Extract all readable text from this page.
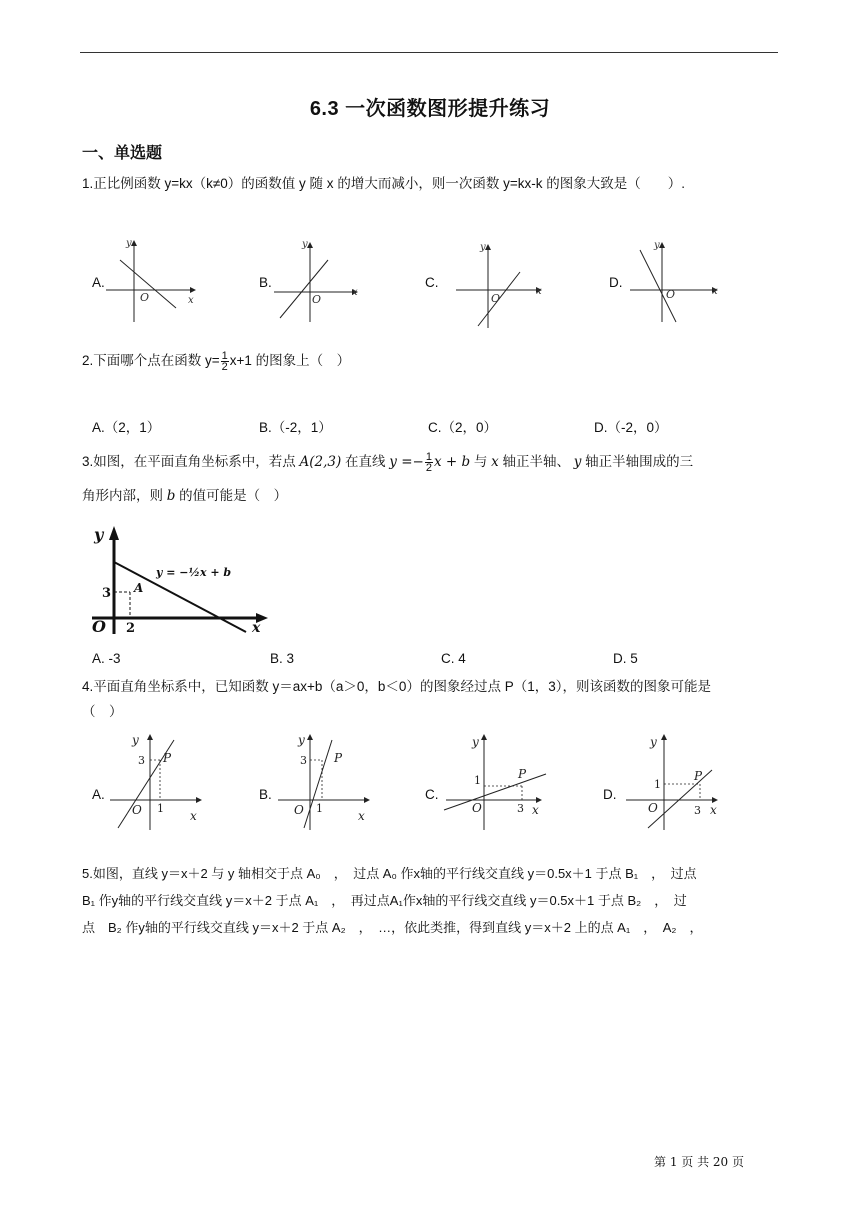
6.3 一次函数图形提升练习
一、单选题
1.正比例函数 y=kx（k≠0）的函数值 y 随 x 的增大而减小，则一次函数 y=kx-k 的图象大致是（　　）.
A.
y
x
O
B.
y
x
O
C.
y
x
O
D.
y
x
O
2.下面哪个点在函数 $y= \frac{1}{2} x+1$ 的图象上（　）
A.（2，1）	B.（-2，1）	C.（2，0）	D.（-2，0）
3.如图，在平面直角坐标系中，若点 A(2,3) 在直线 $y =- \frac{1}{2}$ x + b 与 x 轴正半轴、 y 轴正半轴围成的三
角形内部，则 b 的值可能是（　）
y
x
O
3
2
A
y = −½x + b
A. -3	B. 3	C. 4	D. 5
4.平面直角坐标系中，已知函数 y＝ax+b（a＞0，b＜0）的图象经过点 P（1，3），则该函数的图象可能是
（　）
A.
y
x
O
P
3
1
B.
y
x
O
P
3
1
C.
y
x
O
P
1
3
D.
y
x
O
P
1
3
5.如图，直线 y＝x＋2 与 y 轴相交于点 A₀　，　过点 A₀ 作x轴的平行线交直线 y＝0.5x＋1 于点 B₁　，　过点
B₁ 作y轴的平行线交直线 y＝x＋2 于点 A₁　，　再过点A₁作x轴的平行线交直线 y＝0.5x＋1 于点 B₂　，　过
点　B₂ 作y轴的平行线交直线 y＝x＋2 于点 A₂　，　…，依此类推，得到直线 y＝x＋2 上的点 A₁　，　A₂　，
第 1 页 共 20 页
